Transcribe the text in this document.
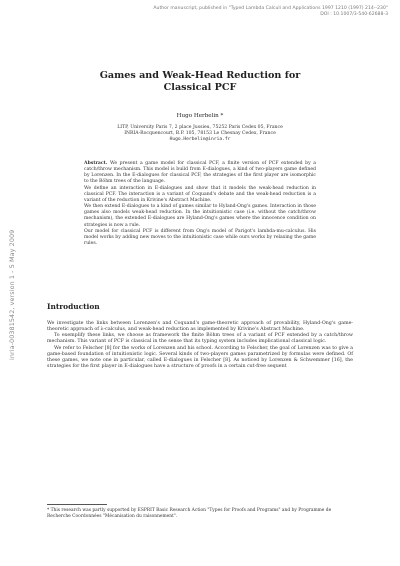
Author manuscript, published in "Typed Lambda Calculi and Applications 1997 1210 (1997) 214--230"
DOI : 10.1007/3-540-62688-3
inria-00381542, version 1 - 5 May 2009
Games and Weak-Head Reduction for
Classical PCF
Hugo Herbelin *
LITP, University Paris 7, 2 place Jussieu, 75252 Paris Cedex 05, France
INRIA-Rocquencourt, B.P. 105, 78153 Le Chesnay Cedex, France
Hugo.Herbelin@inria.fr

Abstract. We present a game model for classical PCF, a finite version of PCF extended by a catch/throw mechanism. This model is build from E-dialogues, a kind of two-players game defined by Lorenzen. In the E-dialogues for classical PCF, the strategies of the first player are isomorphic to the Böhm trees of the language.

We define an interaction in E-dialogues and show that it models the weak-head reduction in classical PCF. The interaction is a variant of Coquand's debate and the weak-head reduction is a variant of the reduction in Krivine's Abstract Machine.

We then extend E-dialogues to a kind of games similar to Hyland-Ong's games. Interaction in those games also models weak-head reduction. In the intuitionistic case (i.e. without the catch/throw mechanism), the extended E-dialogues are Hyland-Ong's games where the innocence condition on strategies is now a rule.

Our model for classical PCF is different from Ong's model of Parigot's lambda-mu-calculus. His model works by adding new moves to the intuitionistic case while ours works by relaxing the game rules.

Introduction

We investigate the links between Lorenzen's and Coquand's game-theoretic approach of provability, Hyland-Ong's game-theoretic approach of λ-calculus, and weak-head reduction as implemented by Krivine's Abstract Machine.

To exemplify these links, we choose as framework the finite Böhm trees of a variant of PCF extended by a catch/throw mechanism. This variant of PCF is classical in the sense that its typing system includes implicational classical logic.

We refer to Felscher [8] for the works of Lorenzen and his school. According to Felscher, the goal of Lorenzen was to give a game-based foundation of intuitionistic logic. Several kinds of two-players games parametrized by formulas were defined. Of these games, we note one in particular, called E-dialogues in Felscher [8]. As noticed by Lorenzen & Schwemmer [16], the strategies for the first player in E-dialogues have a structure of proofs in a certain cut-free sequent

* This research was partly supported by ESPRIT Basic Research Action "Types for Proofs and Programs" and by Programme de Recherche Coordonnées "Mécanisation du raisonnement".
